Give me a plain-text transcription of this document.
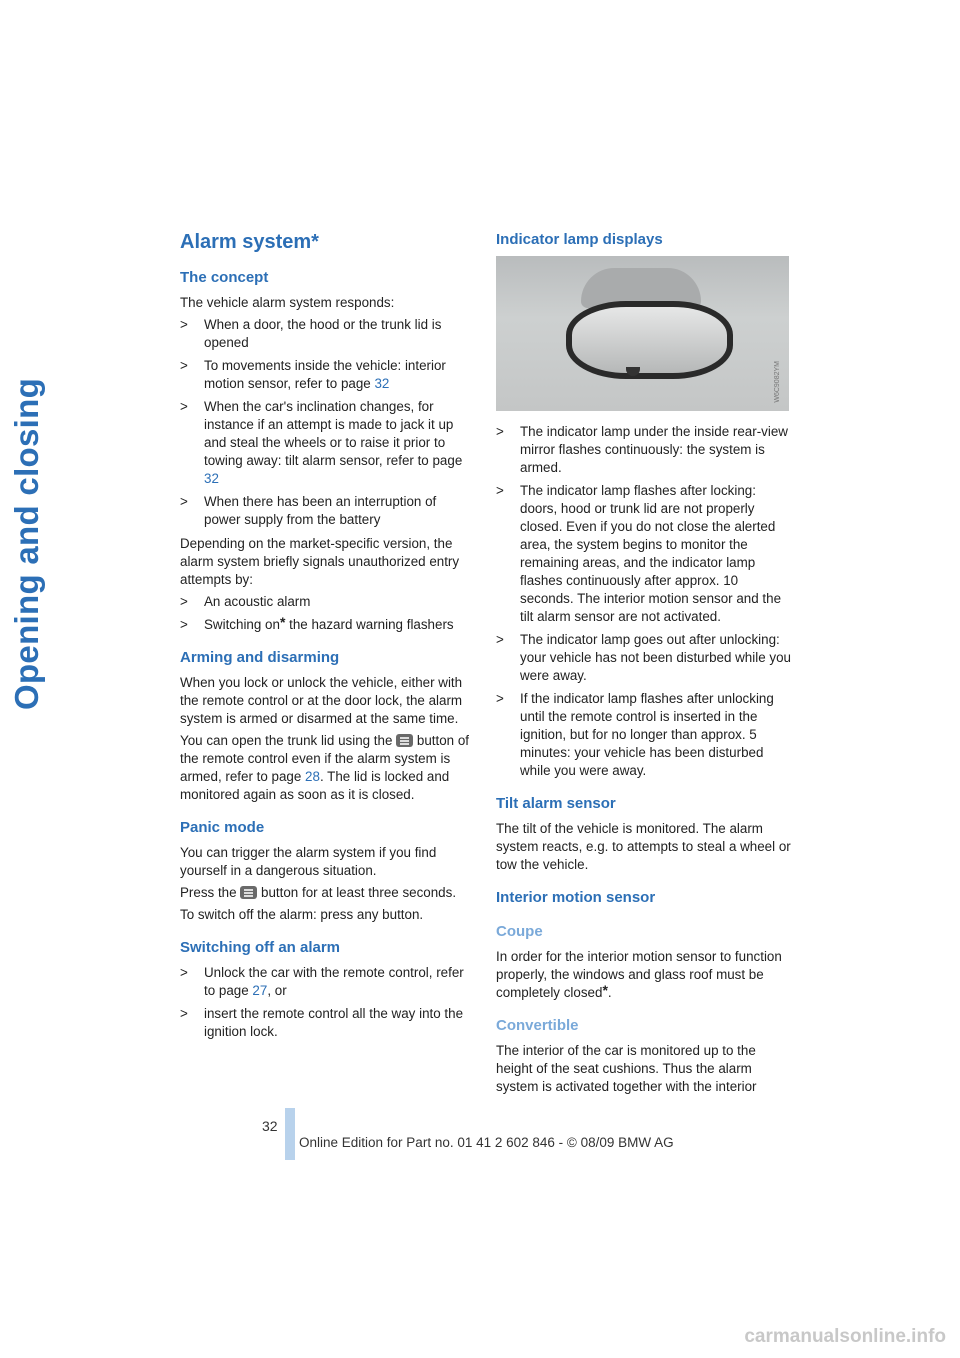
Opening and closing
Alarm system*
The concept

The vehicle alarm system responds:

> When a door, the hood or the trunk lid is opened
> To movements inside the vehicle: interior motion sensor, refer to page 32
> When the car's inclination changes, for instance if an attempt is made to jack it up and steal the wheels or to raise it prior to towing away: tilt alarm sensor, refer to page 32
> When there has been an interruption of power supply from the battery

Depending on the market-specific version, the alarm system briefly signals unauthorized entry attempts by:

> An acoustic alarm
> Switching on* the hazard warning flashers
Arming and disarming

When you lock or unlock the vehicle, either with the remote control or at the door lock, the alarm system is armed or disarmed at the same time.

You can open the trunk lid using the  button of the remote control even if the alarm system is armed, refer to page 28. The lid is locked and monitored again as soon as it is closed.

Panic mode

You can trigger the alarm system if you find yourself in a dangerous situation.

Press the  button for at least three seconds.

To switch off the alarm: press any button.

Switching off an alarm
> Unlock the car with the remote control, refer to page 27, or
> insert the remote control all the way into the ignition lock.
Indicator lamp displays
W6C9082YM
> The indicator lamp under the inside rear-view mirror flashes continuously: the system is armed.
> The indicator lamp flashes after locking: doors, hood or trunk lid are not properly closed. Even if you do not close the alerted area, the system begins to monitor the remaining areas, and the indicator lamp flashes continuously after approx. 10 seconds. The interior motion sensor and the tilt alarm sensor are not activated.
> The indicator lamp goes out after unlocking: your vehicle has not been disturbed while you were away.
> If the indicator lamp flashes after unlocking until the remote control is inserted in the ignition, but for no longer than approx. 5 minutes: your vehicle has been disturbed while you were away.
Tilt alarm sensor

The tilt of the vehicle is monitored. The alarm system reacts, e.g. to attempts to steal a wheel or tow the vehicle.

Interior motion sensor
Coupe

In order for the interior motion sensor to function properly, the windows and glass roof must be completely closed*.

Convertible

The interior of the car is monitored up to the height of the seat cushions. Thus the alarm system is activated together with the interior

32
Online Edition for Part no. 01 41 2 602 846 - © 08/09 BMW AG
carmanualsonline.info
